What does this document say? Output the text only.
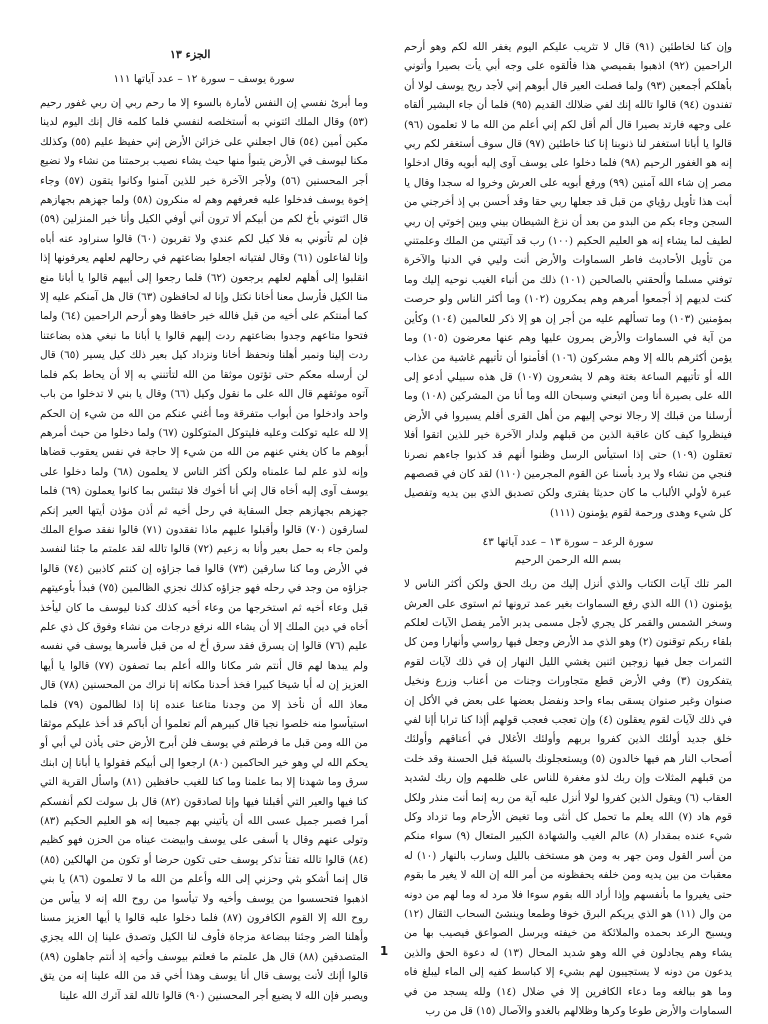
الجزء ١٣
سورة يوسف – سورة ١٢ – عدد آياتها ١١١

وما أبرئ نفسي إن النفس لأمارة بالسوء إلا ما رحم ربي إن ربي غفور رحيم (٥٣) وقال الملك ائتوني به أستخلصه لنفسي فلما كلمه قال إنك اليوم لدينا مكين أمين (٥٤) قال اجعلني على خزائن الأرض إني حفيظ عليم (٥٥) وكذلك مكنا ليوسف في الأرض يتبوأ منها حيث يشاء نصيب برحمتنا من نشاء ولا نضيع أجر المحسنين (٥٦) ولأجر الآخرة خير للذين آمنوا وكانوا يتقون (٥٧) وجاء إخوة يوسف فدخلوا عليه فعرفهم وهم له منكرون (٥٨) ولما جهزهم بجهازهم قال ائتوني بأخ لكم من أبيكم ألا ترون أني أوفي الكيل وأنا خير المنزلين (٥٩) فإن لم تأتوني به فلا كيل لكم عندي ولا تقربون (٦٠) قالوا سنراود عنه أباه وإنا لفاعلون (٦١) وقال لفتيانه اجعلوا بضاعتهم في رحالهم لعلهم يعرفونها إذا انقلبوا إلى أهلهم لعلهم يرجعون (٦٢) فلما رجعوا إلى أبيهم قالوا يا أبانا منع منا الكيل فأرسل معنا أخانا نكتل وإنا له لحافظون (٦٣) قال هل آمنكم عليه إلا كما أمنتكم على أخيه من قبل فالله خير حافظا وهو أرحم الراحمين (٦٤) ولما فتحوا متاعهم وجدوا بضاعتهم ردت إليهم قالوا يا أبانا ما نبغي هذه بضاعتنا ردت إلينا ونمير أهلنا ونحفظ أخانا ونزداد كيل بعير ذلك كيل يسير (٦٥) قال لن أرسله معكم حتى تؤتون موثقا من الله لتأتنني به إلا أن يحاط بكم فلما آتوه موثقهم قال الله على ما نقول وكيل (٦٦) وقال يا بني لا تدخلوا من باب واحد وادخلوا من أبواب متفرقة وما أغني عنكم من الله من شيء إن الحكم إلا لله عليه توكلت وعليه فليتوكل المتوكلون (٦٧) ولما دخلوا من حيث أمرهم أبوهم ما كان يغني عنهم من الله من شيء إلا حاجة في نفس يعقوب قضاها وإنه لذو علم لما علمناه ولكن أكثر الناس لا يعلمون (٦٨) ولما دخلوا على يوسف آوى إليه أخاه قال إني أنا أخوك فلا تبتئس بما كانوا يعملون (٦٩) فلما جهزهم بجهازهم جعل السقاية في رحل أخيه ثم أذن مؤذن أيتها العير إنكم لسارقون (٧٠) قالوا وأقبلوا عليهم ماذا تفقدون (٧١) قالوا نفقد صواع الملك ولمن جاء به حمل بعير وأنا به زعيم (٧٢) قالوا تالله لقد علمتم ما جئنا لنفسد في الأرض وما كنا سارقين (٧٣) قالوا فما جزاؤه إن كنتم كاذبين (٧٤) قالوا جزاؤه من وجد في رحله فهو جزاؤه كذلك نجزي الظالمين (٧٥) فبدأ بأوعيتهم قبل وعاء أخيه ثم استخرجها من وعاء أخيه كذلك كدنا ليوسف ما كان ليأخذ أخاه في دين الملك إلا أن يشاء الله نرفع درجات من نشاء وفوق كل ذي علم عليم (٧٦) قالوا إن يسرق فقد سرق أخ له من قبل فأسرها يوسف في نفسه ولم يبدها لهم قال أنتم شر مكانا والله أعلم بما تصفون (٧٧) قالوا يا أيها العزيز إن له أبا شيخا كبيرا فخذ أحدنا مكانه إنا نراك من المحسنين (٧٨) قال معاذ الله أن نأخذ إلا من وجدنا متاعنا عنده إنا إذا لظالمون (٧٩) فلما استيأسوا منه خلصوا نجيا قال كبيرهم ألم تعلموا أن أباكم قد أخذ عليكم موثقا من الله ومن قبل ما فرطتم في يوسف فلن أبرح الأرض حتى يأذن لي أبي أو يحكم الله لي وهو خير الحاكمين (٨٠) ارجعوا إلى أبيكم فقولوا يا أبانا إن ابنك سرق وما شهدنا إلا بما علمنا وما كنا للغيب حافظين (٨١) واسأل القرية التي كنا فيها والعير التي أقبلنا فيها وإنا لصادقون (٨٢) قال بل سولت لكم أنفسكم أمرا فصبر جميل عسى الله أن يأتيني بهم جميعا إنه هو العليم الحكيم (٨٣) وتولى عنهم وقال يا أسفى على يوسف وابيضت عيناه من الحزن فهو كظيم (٨٤) قالوا تالله تفتأ تذكر يوسف حتى تكون حرضا أو تكون من الهالكين (٨٥) قال إنما أشكو بثي وحزني إلى الله وأعلم من الله ما لا تعلمون (٨٦) يا بني اذهبوا فتحسسوا من يوسف وأخيه ولا تيأسوا من روح الله إنه لا ييأس من روح الله إلا القوم الكافرون (٨٧) فلما دخلوا عليه قالوا يا أيها العزيز مسنا وأهلنا الضر وجئنا ببضاعة مزجاة فأوف لنا الكيل وتصدق علينا إن الله يجزي المتصدقين (٨٨) قال هل علمتم ما فعلتم بيوسف وأخيه إذ أنتم جاهلون (٨٩) قالوا أإنك لأنت يوسف قال أنا يوسف وهذا أخي قد من الله علينا إنه من يتق ويصبر فإن الله لا يضيع أجر المحسنين (٩٠) قالوا تالله لقد آثرك الله علينا

وإن كنا لخاطئين (٩١) قال لا تثريب عليكم اليوم يغفر الله لكم وهو أرحم الراحمين (٩٢) اذهبوا بقميصي هذا فألقوه على وجه أبي يأت بصيرا وأتوني بأهلكم أجمعين (٩٣) ولما فصلت العير قال أبوهم إني لأجد ريح يوسف لولا أن تفندون (٩٤) قالوا تالله إنك لفي ضلالك القديم (٩٥) فلما أن جاء البشير ألقاه على وجهه فارتد بصيرا قال ألم أقل لكم إني أعلم من الله ما لا تعلمون (٩٦) قالوا يا أبانا استغفر لنا ذنوبنا إنا كنا خاطئين (٩٧) قال سوف أستغفر لكم ربي إنه هو الغفور الرحيم (٩٨) فلما دخلوا على يوسف آوى إليه أبويه وقال ادخلوا مصر إن شاء الله آمنين (٩٩) ورفع أبويه على العرش وخروا له سجدا وقال يا أبت هذا تأويل رؤياي من قبل قد جعلها ربي حقا وقد أحسن بي إذ أخرجني من السجن وجاء بكم من البدو من بعد أن نزغ الشيطان بيني وبين إخوتي إن ربي لطيف لما يشاء إنه هو العليم الحكيم (١٠٠) رب قد آتيتني من الملك وعلمتني من تأويل الأحاديث فاطر السماوات والأرض أنت وليي في الدنيا والآخرة توفني مسلما وألحقني بالصالحين (١٠١) ذلك من أنباء الغيب نوحيه إليك وما كنت لديهم إذ أجمعوا أمرهم وهم يمكرون (١٠٢) وما أكثر الناس ولو حرصت بمؤمنين (١٠٣) وما تسألهم عليه من أجر إن هو إلا ذكر للعالمين (١٠٤) وكأين من آية في السماوات والأرض يمرون عليها وهم عنها معرضون (١٠٥) وما يؤمن أكثرهم بالله إلا وهم مشركون (١٠٦) أفأمنوا أن تأتيهم غاشية من عذاب الله أو تأتيهم الساعة بغتة وهم لا يشعرون (١٠٧) قل هذه سبيلي أدعو إلى الله على بصيرة أنا ومن اتبعني وسبحان الله وما أنا من المشركين (١٠٨) وما أرسلنا من قبلك إلا رجالا نوحي إليهم من أهل القرى أفلم يسيروا في الأرض فينظروا كيف كان عاقبة الذين من قبلهم ولدار الآخرة خير للذين اتقوا أفلا تعقلون (١٠٩) حتى إذا استيأس الرسل وظنوا أنهم قد كذبوا جاءهم نصرنا فنجي من نشاء ولا يرد بأسنا عن القوم المجرمين (١١٠) لقد كان في قصصهم عبرة لأولي الألباب ما كان حديثا يفترى ولكن تصديق الذي بين يديه وتفصيل كل شيء وهدى ورحمة لقوم يؤمنون (١١١)

سورة الرعد – سورة ١٣ – عدد آياتها ٤٣
بسم الله الرحمن الرحيم

المر تلك آيات الكتاب والذي أنزل إليك من ربك الحق ولكن أكثر الناس لا يؤمنون (١) الله الذي رفع السماوات بغير عمد ترونها ثم استوى على العرش وسخر الشمس والقمر كل يجري لأجل مسمى يدبر الأمر يفصل الآيات لعلكم بلقاء ربكم توقنون (٢) وهو الذي مد الأرض وجعل فيها رواسي وأنهارا ومن كل الثمرات جعل فيها زوجين اثنين يغشي الليل النهار إن في ذلك لآيات لقوم يتفكرون (٣) وفي الأرض قطع متجاورات وجنات من أعناب وزرع ونخيل صنوان وغير صنوان يسقى بماء واحد ونفضل بعضها على بعض في الأكل إن في ذلك لآيات لقوم يعقلون (٤) وإن تعجب فعجب قولهم أإذا كنا ترابا أإنا لفي خلق جديد أولئك الذين كفروا بربهم وأولئك الأغلال في أعناقهم وأولئك أصحاب النار هم فيها خالدون (٥) ويستعجلونك بالسيئة قبل الحسنة وقد خلت من قبلهم المثلات وإن ربك لذو مغفرة للناس على ظلمهم وإن ربك لشديد العقاب (٦) ويقول الذين كفروا لولا أنزل عليه آية من ربه إنما أنت منذر ولكل قوم هاد (٧) الله يعلم ما تحمل كل أنثى وما تغيض الأرحام وما تزداد وكل شيء عنده بمقدار (٨) عالم الغيب والشهادة الكبير المتعال (٩) سواء منكم من أسر القول ومن جهر به ومن هو مستخف بالليل وسارب بالنهار (١٠) له معقبات من بين يديه ومن خلفه يحفظونه من أمر الله إن الله لا يغير ما بقوم حتى يغيروا ما بأنفسهم وإذا أراد الله بقوم سوءا فلا مرد له وما لهم من دونه من وال (١١) هو الذي يريكم البرق خوفا وطمعا وينشئ السحاب الثقال (١٢) ويسبح الرعد بحمده والملائكة من خيفته ويرسل الصواعق فيصيب بها من يشاء وهم يجادلون في الله وهو شديد المحال (١٣) له دعوة الحق والذين يدعون من دونه لا يستجيبون لهم بشيء إلا كباسط كفيه إلى الماء ليبلغ فاه وما هو ببالغه وما دعاء الكافرين إلا في ضلال (١٤) ولله يسجد من في السماوات والأرض طوعا وكرها وظلالهم بالغدو والآصال (١٥) قل من رب

1
